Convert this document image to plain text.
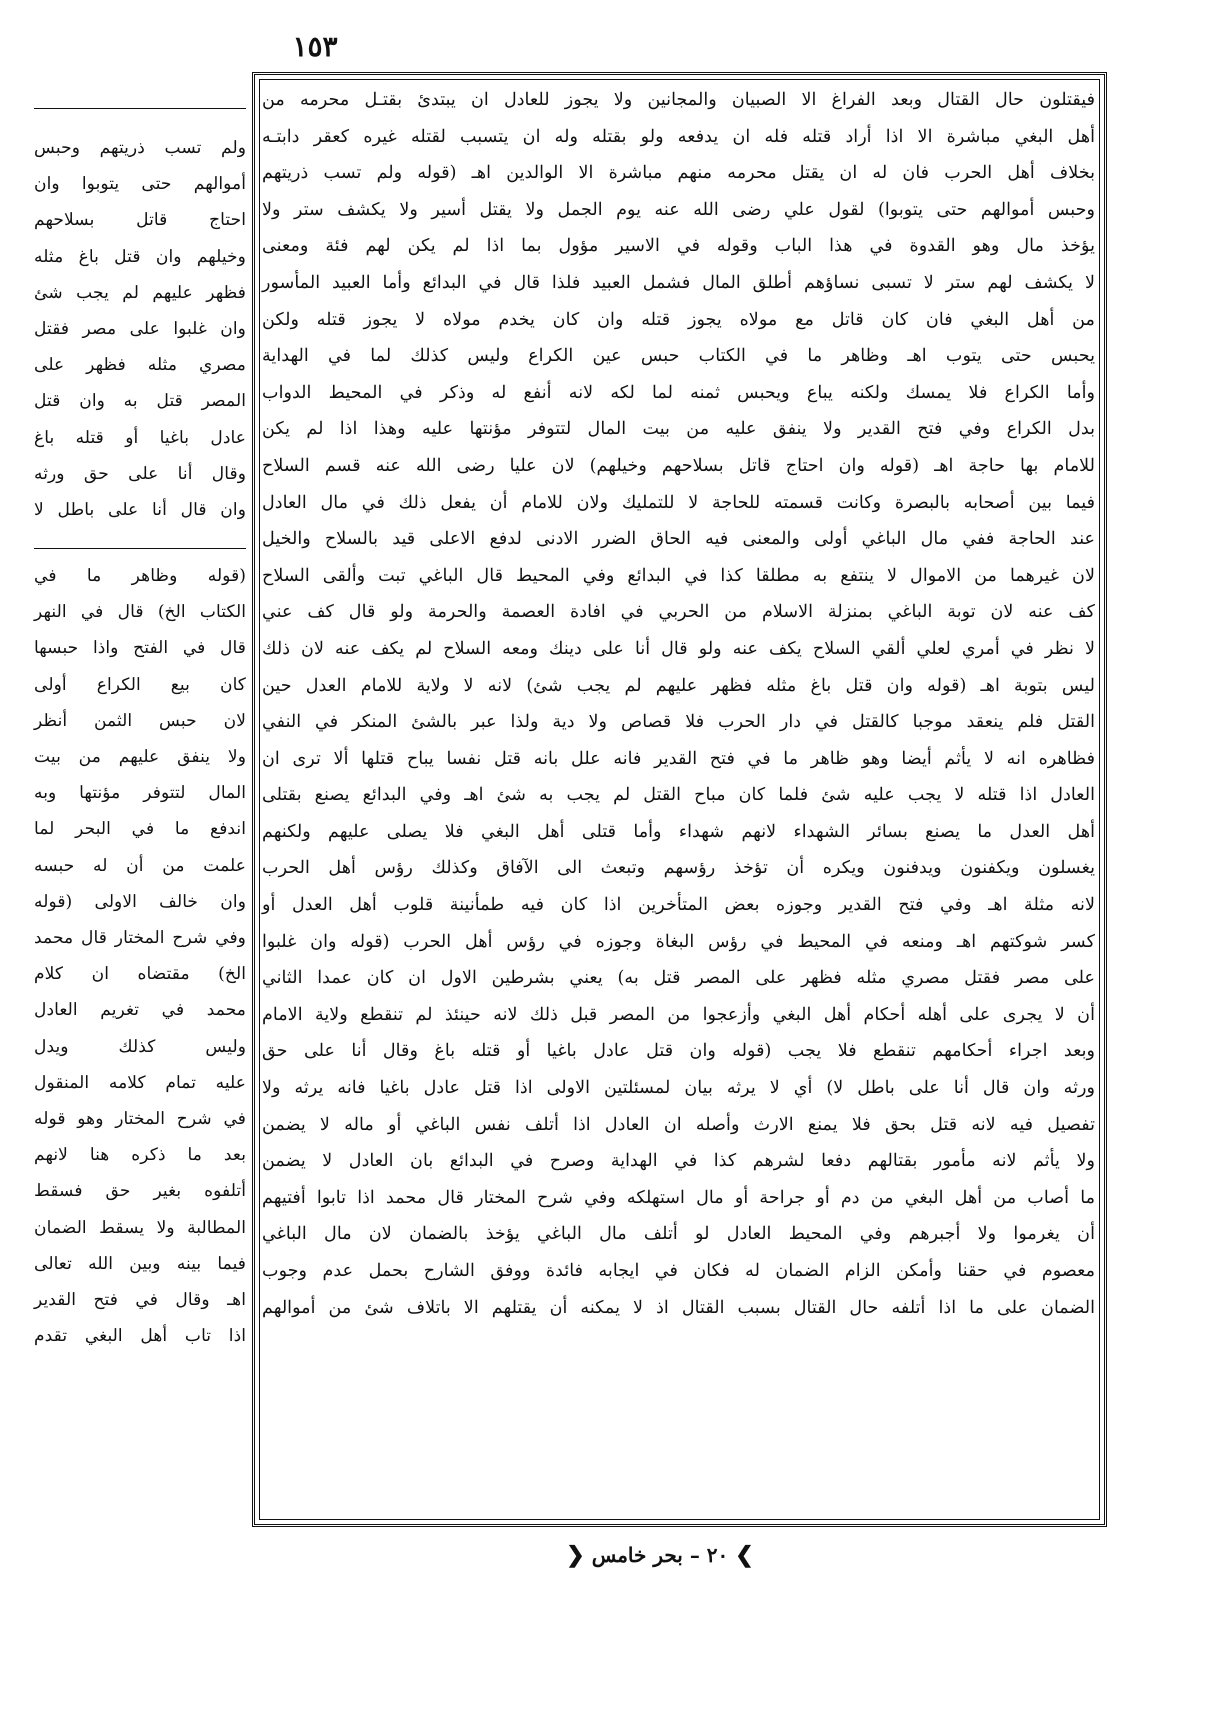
١٥٣
ولم تسب ذريتهم وحبس
أموالهم حتى يتوبوا وان
احتاج قاتل بسلاحهم
وخيلهم وان قتل باغ مثله
فظهر عليهم لم يجب شئ
وان غلبوا على مصر فقتل
مصري مثله فظهر على
المصر قتل به وان قتل
عادل باغيا أو قتله باغ
وقال أنا على حق ورثه
وان قال أنا على باطل لا
(قوله وظاهر ما في
الكتاب الخ) قال في النهر
قال في الفتح واذا حبسها
كان بيع الكراع أولى
لان حبس الثمن أنظر
ولا ينفق عليهم من بيت
المال لتتوفر مؤنتها وبه
اندفع ما في البحر لما
علمت من أن له حبسه
وان خالف الاولى (قوله
وفي شرح المختار قال محمد
الخ) مقتضاه ان كلام
محمد في تغريم العادل
وليس كذلك ويدل
عليه تمام كلامه المنقول
في شرح المختار وهو قوله
بعد ما ذكره هنا لانهم
أتلفوه بغير حق فسقط
المطالبة ولا يسقط الضمان
فيما بينه وبين الله تعالى
اهـ وقال في فتح القدير
اذا تاب أهل البغي تقدم
فيقتلون حال القتال وبعد الفراغ الا الصبيان والمجانين ولا يجوز للعادل ان يبتدئ بقتـل محرمه من
أهل البغي مباشرة الا اذا أراد قتله فله ان يدفعه ولو بقتله وله ان يتسبب لقتله غيره كعقر دابتـه
بخلاف أهل الحرب فان له ان يقتل محرمه منهم مباشرة الا الوالدين اهـ (قوله ولم تسب ذريتهم
وحبس أموالهم حتى يتوبوا) لقول علي رضى الله عنه يوم الجمل ولا يقتل أسير ولا يكشف ستر ولا
يؤخذ مال وهو القدوة في هذا الباب وقوله في الاسير مؤول بما اذا لم يكن لهم فئة ومعنى
لا يكشف لهم ستر لا تسبى نساؤهم أطلق المال فشمل العبيد فلذا قال في البدائع وأما العبيد المأسور
من أهل البغي فان كان قاتل مع مولاه يجوز قتله وان كان يخدم مولاه لا يجوز قتله ولكن
يحبس حتى يتوب اهـ وظاهر ما في الكتاب حبس عين الكراع وليس كذلك لما في الهداية
وأما الكراع فلا يمسك ولكنه يباع ويحبس ثمنه لما لكه لانه أنفع له وذكر في المحيط الدواب
بدل الكراع وفي فتح القدير ولا ينفق عليه من بيت المال لتتوفر مؤنتها عليه وهذا اذا لم يكن
للامام بها حاجة اهـ (قوله وان احتاج قاتل بسلاحهم وخيلهم) لان عليا رضى الله عنه قسم السلاح
فيما بين أصحابه بالبصرة وكانت قسمته للحاجة لا للتمليك ولان للامام أن يفعل ذلك في مال العادل
عند الحاجة ففي مال الباغي أولى والمعنى فيه الحاق الضرر الادنى لدفع الاعلى قيد بالسلاح والخيل
لان غيرهما من الاموال لا ينتفع به مطلقا كذا في البدائع وفي المحيط قال الباغي تبت وألقى السلاح
كف عنه لان توبة الباغي بمنزلة الاسلام من الحربي في افادة العصمة والحرمة ولو قال كف عني
لا نظر في أمري لعلي ألقي السلاح يكف عنه ولو قال أنا على دينك ومعه السلاح لم يكف عنه لان ذلك
ليس بتوبة اهـ (قوله وان قتل باغ مثله فظهر عليهم لم يجب شئ) لانه لا ولاية للامام العدل حين
القتل فلم ينعقد موجبا كالقتل في دار الحرب فلا قصاص ولا دية ولذا عبر بالشئ المنكر في النفي
فظاهره انه لا يأثم أيضا وهو ظاهر ما في فتح القدير فانه علل بانه قتل نفسا يباح قتلها ألا ترى ان
العادل اذا قتله لا يجب عليه شئ فلما كان مباح القتل لم يجب به شئ اهـ وفي البدائع يصنع بقتلى
أهل العدل ما يصنع بسائر الشهداء لانهم شهداء وأما قتلى أهل البغي فلا يصلى عليهم ولكنهم
يغسلون ويكفنون ويدفنون ويكره أن تؤخذ رؤسهم وتبعث الى الآفاق وكذلك رؤس أهل الحرب
لانه مثلة اهـ وفي فتح القدير وجوزه بعض المتأخرين اذا كان فيه طمأنينة قلوب أهل العدل أو
كسر شوكتهم اهـ ومنعه في المحيط في رؤس البغاة وجوزه في رؤس أهل الحرب (قوله وان غلبوا
على مصر فقتل مصري مثله فظهر على المصر قتل به) يعني بشرطين الاول ان كان عمدا الثاني
أن لا يجرى على أهله أحكام أهل البغي وأزعجوا من المصر قبل ذلك لانه حينئذ لم تنقطع ولاية الامام
وبعد اجراء أحكامهم تنقطع فلا يجب (قوله وان قتل عادل باغيا أو قتله باغ وقال أنا على حق
ورثه وان قال أنا على باطل لا) أي لا يرثه بيان لمسئلتين الاولى اذا قتل عادل باغيا فانه يرثه ولا
تفصيل فيه لانه قتل بحق فلا يمنع الارث وأصله ان العادل اذا أتلف نفس الباغي أو ماله لا يضمن
ولا يأثم لانه مأمور بقتالهم دفعا لشرهم كذا في الهداية وصرح في البدائع بان العادل لا يضمن
ما أصاب من أهل البغي من دم أو جراحة أو مال استهلكه وفي شرح المختار قال محمد اذا تابوا أفتيهم
أن يغرموا ولا أجبرهم وفي المحيط العادل لو أتلف مال الباغي يؤخذ بالضمان لان مال الباغي
معصوم في حقنا وأمكن الزام الضمان له فكان في ايجابه فائدة ووفق الشارح بحمل عدم وجوب
الضمان على ما اذا أتلفه حال القتال بسبب القتال اذ لا يمكنه أن يقتلهم الا باتلاف شئ من أموالهم
❯ ٢٠ – بحر خامس ❮
